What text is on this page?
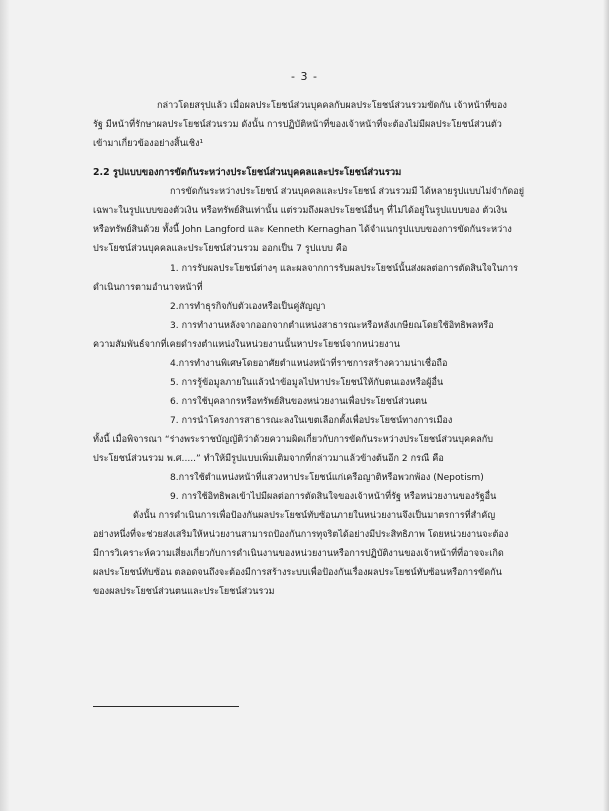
- 3 -
กล่าวโดยสรุปแล้ว เมื่อผลประโยชน์ส่วนบุคคลกับผลประโยชน์ส่วนรวมขัดกัน เจ้าหน้าที่ของ
รัฐ มีหน้าที่รักษาผลประโยชน์ส่วนรวม ดังนั้น การปฏิบัติหน้าที่ของเจ้าหน้าที่จะต้องไม่มีผลประโยชน์ส่วนตัว
เข้ามาเกี่ยวข้องอย่างสิ้นเชิง¹
2.2 รูปแบบของการขัดกันระหว่างประโยชน์ส่วนบุคคลและประโยชน์ส่วนรวม
การขัดกันระหว่างประโยชน์ ส่วนบุคคลและประโยชน์ ส่วนรวมมี ได้หลายรูปแบบไม่จำกัดอยู่
เฉพาะในรูปแบบของตัวเงิน หรือทรัพย์สินเท่านั้น แต่รวมถึงผลประโยชน์อื่นๆ ที่ไม่ได้อยู่ในรูปแบบของ ตัวเงิน
หรือทรัพย์สินด้วย ทั้งนี้ John Langford และ Kenneth Kernaghan ได้จำแนกรูปแบบของการขัดกันระหว่าง
ประโยชน์ส่วนบุคคลและประโยชน์ส่วนรวม ออกเป็น 7 รูปแบบ คือ
1. การรับผลประโยชน์ต่างๆ และผลจากการรับผลประโยชน์นั้นส่งผลต่อการตัดสินใจในการ
ดำเนินการตามอำนาจหน้าที่
2.การทำธุรกิจกับตัวเองหรือเป็นคู่สัญญา
3. การทำงานหลังจากออกจากตำแหน่งสาธารณะหรือหลังเกษียณโดยใช้อิทธิพลหรือ
ความสัมพันธ์จากที่เคยดำรงตำแหน่งในหน่วยงานนั้นหาประโยชน์จากหน่วยงาน
4.การทำงานพิเศษโดยอาศัยตำแหน่งหน้าที่ราชการสร้างความน่าเชื่อถือ
5. การรู้ข้อมูลภายในแล้วนำข้อมูลไปหาประโยชน์ให้กับตนเองหรือผู้อื่น
6. การใช้บุคลากรหรือทรัพย์สินของหน่วยงานเพื่อประโยชน์ส่วนตน
7. การนำโครงการสาธารณะลงในเขตเลือกตั้งเพื่อประโยชน์ทางการเมือง
ทั้งนี้ เมื่อพิจารณา “ร่างพระราชบัญญัติว่าด้วยความผิดเกี่ยวกับการขัดกันระหว่างประโยชน์ส่วนบุคคลกับ
ประโยชน์ส่วนรวม พ.ศ.....” ทำให้มีรูปแบบเพิ่มเติมจากที่กล่าวมาแล้วข้างต้นอีก 2 กรณี คือ
8.การใช้ตำแหน่งหน้าที่แสวงหาประโยชน์แก่เครือญาติหรือพวกพ้อง (Nepotism)
9. การใช้อิทธิพลเข้าไปมีผลต่อการตัดสินใจของเจ้าหน้าที่รัฐ หรือหน่วยงานของรัฐอื่น
ดังนั้น การดำเนินการเพื่อป้องกันผลประโยชน์ทับซ้อนภายในหน่วยงานจึงเป็นมาตรการที่สำคัญ
อย่างหนึ่งที่จะช่วยส่งเสริมให้หน่วยงานสามารถป้องกันการทุจริตได้อย่างมีประสิทธิภาพ โดยหน่วยงานจะต้อง
มีการวิเคราะห์ความเสี่ยงเกี่ยวกับการดำเนินงานของหน่วยงานหรือการปฏิบัติงานของเจ้าหน้าที่ที่อาจจะเกิด
ผลประโยชน์ทับซ้อน ตลอดจนถึงจะต้องมีการสร้างระบบเพื่อป้องกันเรื่องผลประโยชน์ทับซ้อนหรือการขัดกัน
ของผลประโยชน์ส่วนตนและประโยชน์ส่วนรวม
